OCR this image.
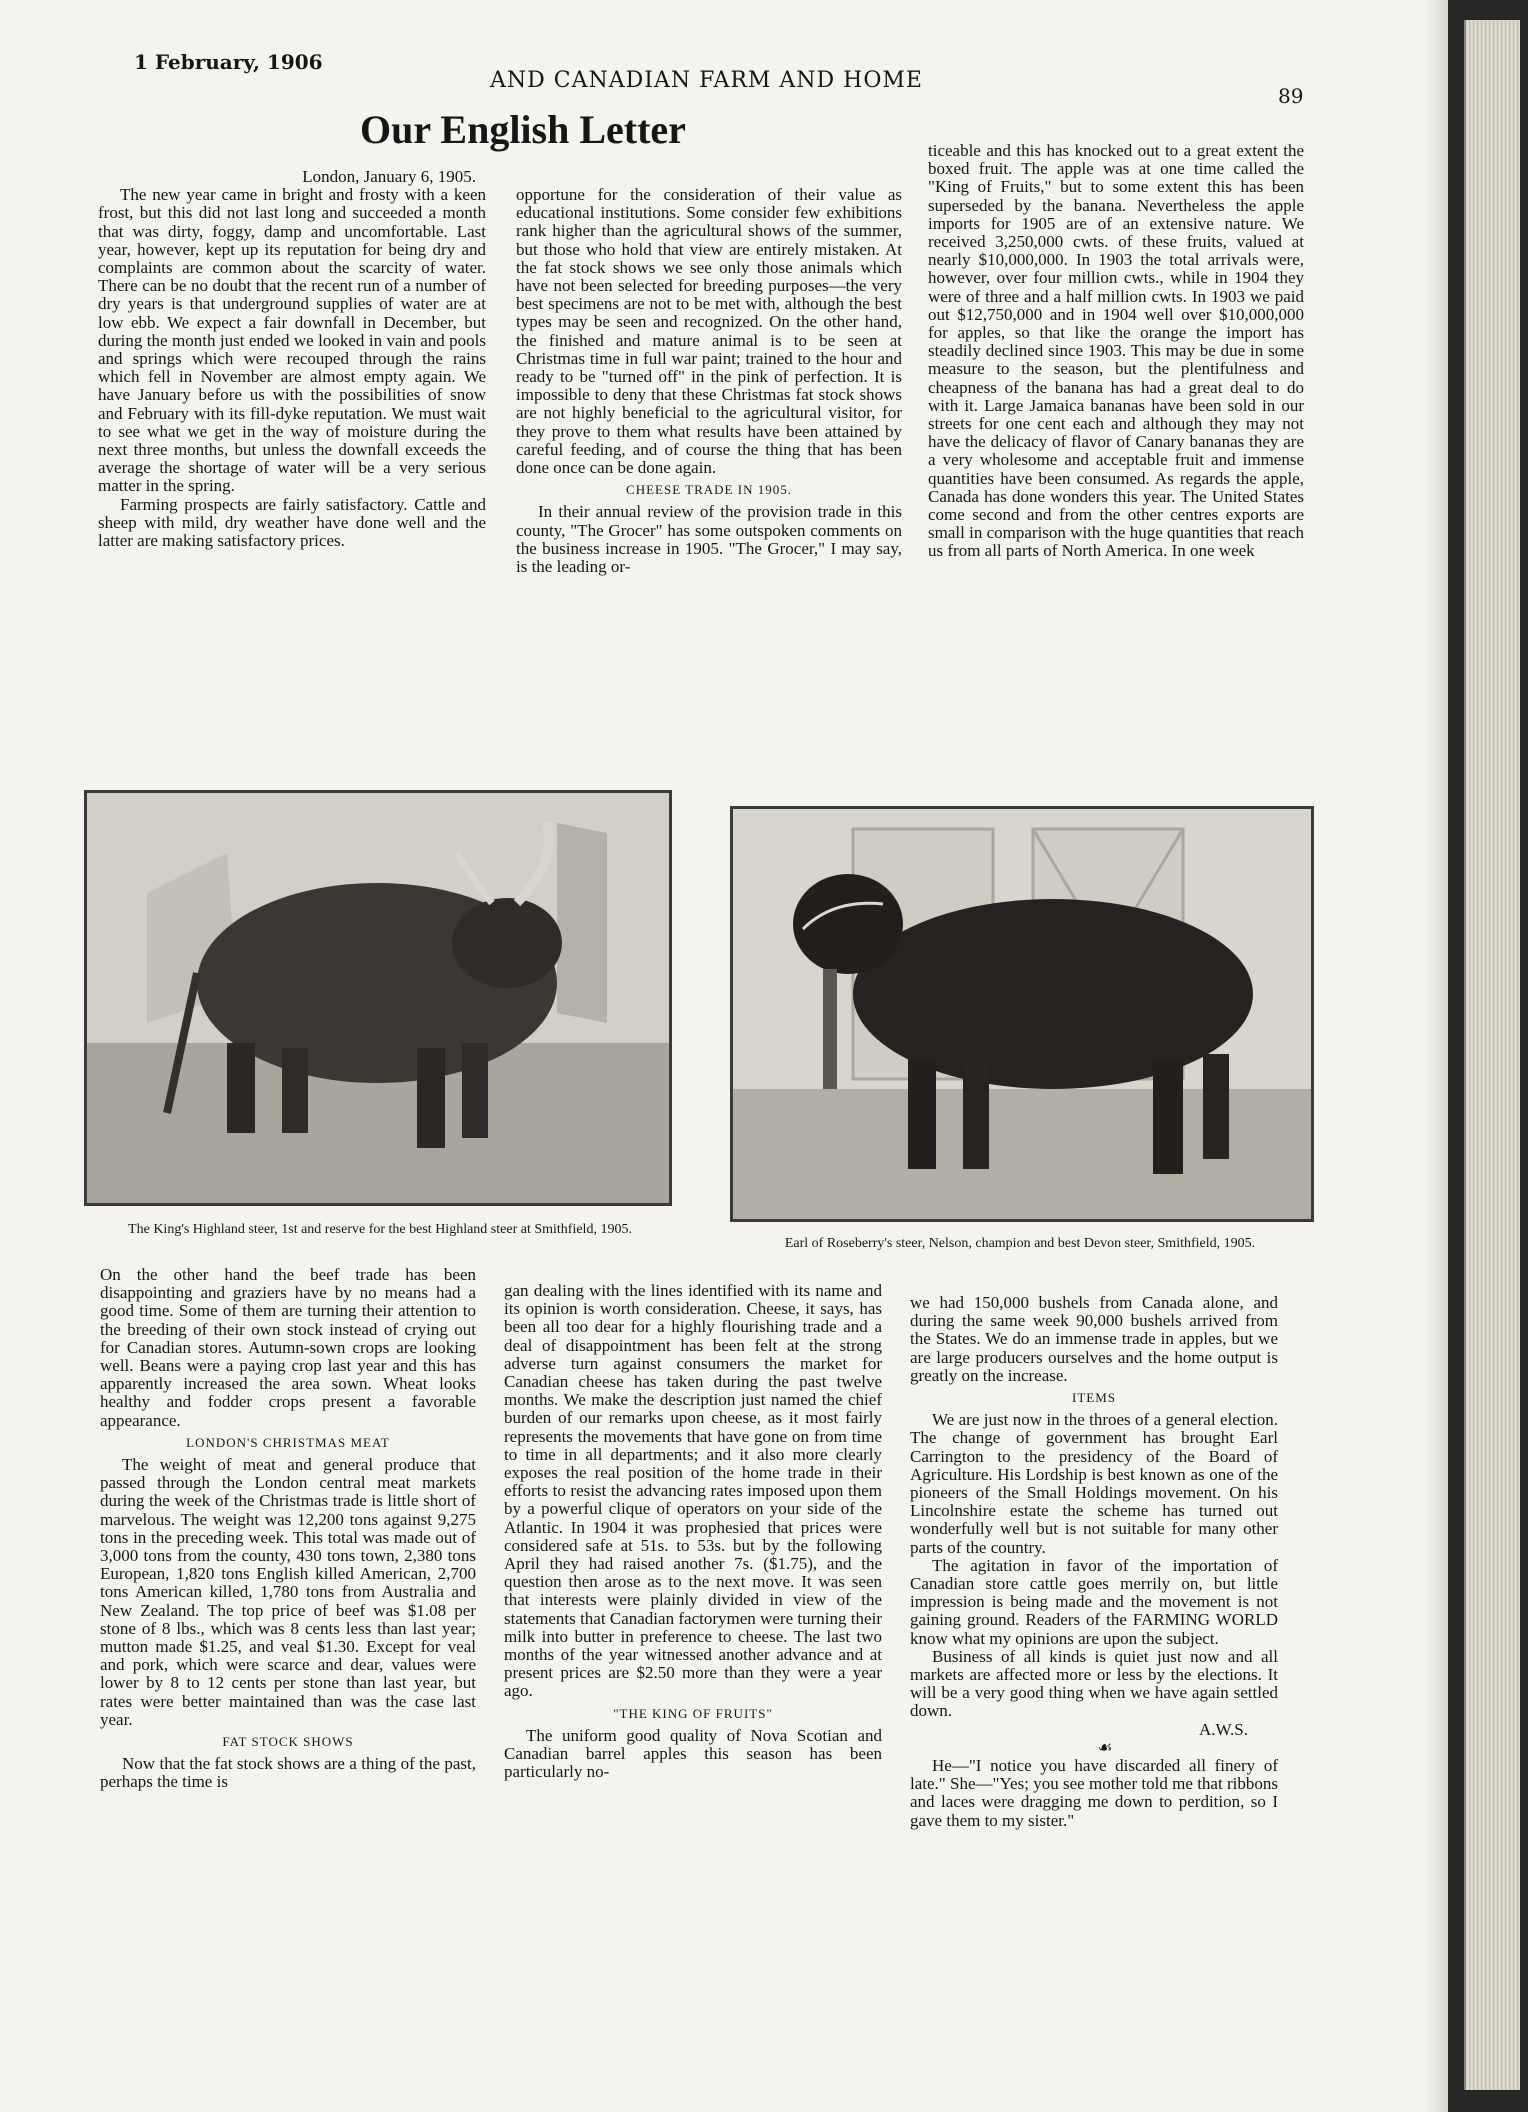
1 February, 1906
AND CANADIAN FARM AND HOME
89
Our English Letter

London, January 6, 1905.

The new year came in bright and frosty with a keen frost, but this did not last long and succeeded a month that was dirty, foggy, damp and uncomfortable. Last year, however, kept up its reputation for being dry and complaints are common about the scarcity of water. There can be no doubt that the recent run of a number of dry years is that underground supplies of water are at low ebb. We expect a fair downfall in December, but during the month just ended we looked in vain and pools and springs which were recouped through the rains which fell in November are almost empty again. We have January before us with the possibilities of snow and February with its fill-dyke reputation. We must wait to see what we get in the way of moisture during the next three months, but unless the downfall exceeds the average the shortage of water will be a very serious matter in the spring.

Farming prospects are fairly satisfactory. Cattle and sheep with mild, dry weather have done well and the latter are making satisfactory prices.

opportune for the consideration of their value as educational institutions. Some consider few exhibitions rank higher than the agricultural shows of the summer, but those who hold that view are entirely mistaken. At the fat stock shows we see only those animals which have not been selected for breeding purposes—the very best specimens are not to be met with, although the best types may be seen and recognized. On the other hand, the finished and mature animal is to be seen at Christmas time in full war paint; trained to the hour and ready to be "turned off" in the pink of perfection. It is impossible to deny that these Christmas fat stock shows are not highly beneficial to the agricultural visitor, for they prove to them what results have been attained by careful feeding, and of course the thing that has been done once can be done again.

CHEESE TRADE IN 1905.

In their annual review of the provision trade in this county, "The Grocer" has some outspoken comments on the business increase in 1905. "The Grocer," I may say, is the leading or-

ticeable and this has knocked out to a great extent the boxed fruit. The apple was at one time called the "King of Fruits," but to some extent this has been superseded by the banana. Nevertheless the apple imports for 1905 are of an extensive nature. We received 3,250,000 cwts. of these fruits, valued at nearly $10,000,000. In 1903 the total arrivals were, however, over four million cwts., while in 1904 they were of three and a half million cwts. In 1903 we paid out $12,750,000 and in 1904 well over $10,000,000 for apples, so that like the orange the import has steadily declined since 1903. This may be due in some measure to the season, but the plentifulness and cheapness of the banana has had a great deal to do with it. Large Jamaica bananas have been sold in our streets for one cent each and although they may not have the delicacy of flavor of Canary bananas they are a very wholesome and acceptable fruit and immense quantities have been consumed. As regards the apple, Canada has done wonders this year. The United States come second and from the other centres exports are small in comparison with the huge quantities that reach us from all parts of North America. In one week

The King's Highland steer, 1st and reserve for the best Highland steer at Smithfield, 1905.
Earl of Roseberry's steer, Nelson, champion and best Devon steer, Smithfield, 1905.

On the other hand the beef trade has been disappointing and graziers have by no means had a good time. Some of them are turning their attention to the breeding of their own stock instead of crying out for Canadian stores. Autumn-sown crops are looking well. Beans were a paying crop last year and this has apparently increased the area sown. Wheat looks healthy and fodder crops present a favorable appearance.

LONDON'S CHRISTMAS MEAT

The weight of meat and general produce that passed through the London central meat markets during the week of the Christmas trade is little short of marvelous. The weight was 12,200 tons against 9,275 tons in the preceding week. This total was made out of 3,000 tons from the county, 430 tons town, 2,380 tons European, 1,820 tons English killed American, 2,700 tons American killed, 1,780 tons from Australia and New Zealand. The top price of beef was $1.08 per stone of 8 lbs., which was 8 cents less than last year; mutton made $1.25, and veal $1.30. Except for veal and pork, which were scarce and dear, values were lower by 8 to 12 cents per stone than last year, but rates were better maintained than was the case last year.

FAT STOCK SHOWS

Now that the fat stock shows are a thing of the past, perhaps the time is

gan dealing with the lines identified with its name and its opinion is worth consideration. Cheese, it says, has been all too dear for a highly flourishing trade and a deal of disappointment has been felt at the strong adverse turn against consumers the market for Canadian cheese has taken during the past twelve months. We make the description just named the chief burden of our remarks upon cheese, as it most fairly represents the movements that have gone on from time to time in all departments; and it also more clearly exposes the real position of the home trade in their efforts to resist the advancing rates imposed upon them by a powerful clique of operators on your side of the Atlantic. In 1904 it was prophesied that prices were considered safe at 51s. to 53s. but by the following April they had raised another 7s. ($1.75), and the question then arose as to the next move. It was seen that interests were plainly divided in view of the statements that Canadian factorymen were turning their milk into butter in preference to cheese. The last two months of the year witnessed another advance and at present prices are $2.50 more than they were a year ago.

"THE KING OF FRUITS"

The uniform good quality of Nova Scotian and Canadian barrel apples this season has been particularly no-

we had 150,000 bushels from Canada alone, and during the same week 90,000 bushels arrived from the States. We do an immense trade in apples, but we are large producers ourselves and the home output is greatly on the increase.

ITEMS

We are just now in the throes of a general election. The change of government has brought Earl Carrington to the presidency of the Board of Agriculture. His Lordship is best known as one of the pioneers of the Small Holdings movement. On his Lincolnshire estate the scheme has turned out wonderfully well but is not suitable for many other parts of the country.

The agitation in favor of the importation of Canadian store cattle goes merrily on, but little impression is being made and the movement is not gaining ground. Readers of the FARMING WORLD know what my opinions are upon the subject.

Business of all kinds is quiet just now and all markets are affected more or less by the elections. It will be a very good thing when we have again settled down.

A.W.S.

☙

He—"I notice you have discarded all finery of late." She—"Yes; you see mother told me that ribbons and laces were dragging me down to perdition, so I gave them to my sister."
